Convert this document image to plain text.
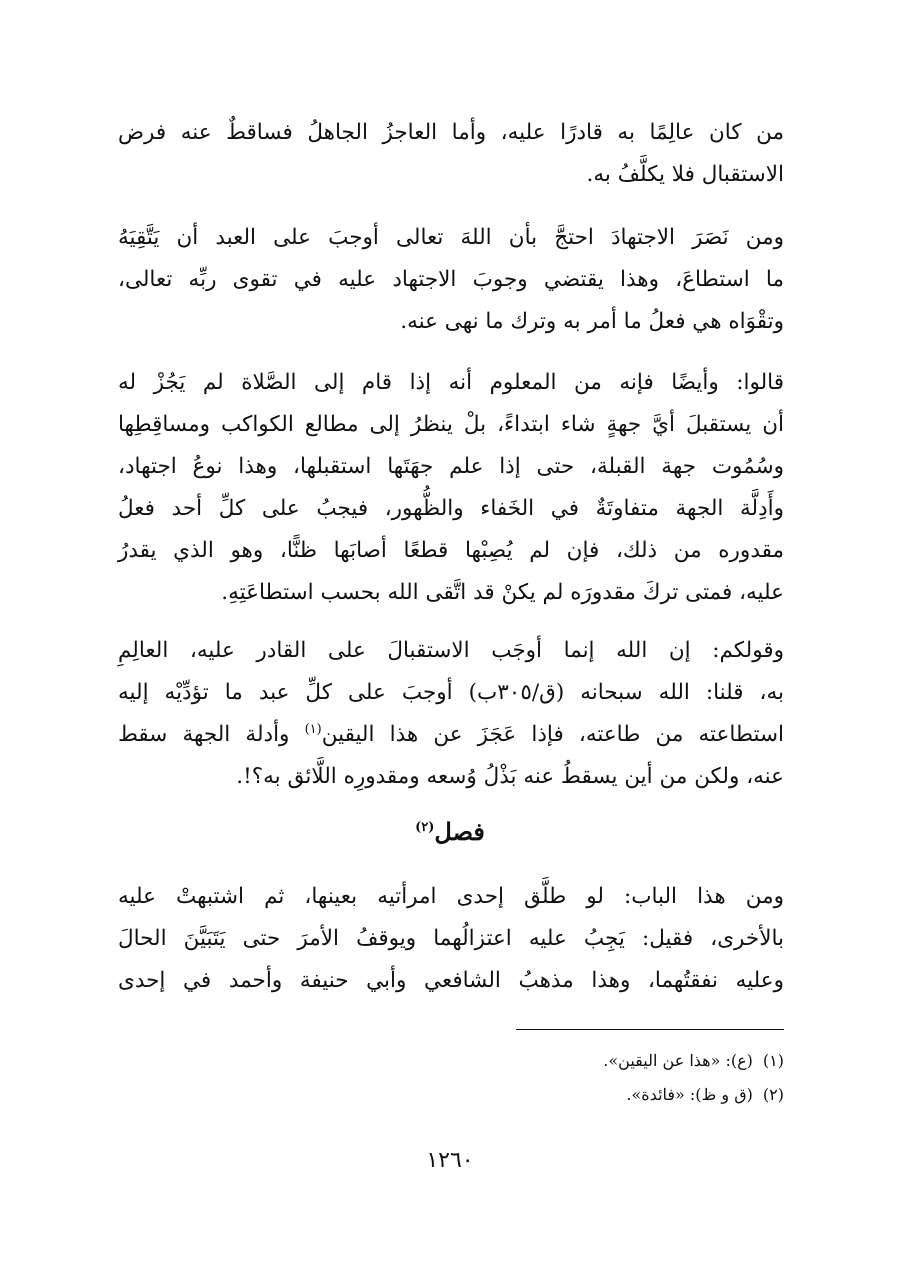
من كان عالِمًا به قادرًا عليه، وأما العاجزُ الجاهلُ فساقطٌ عنه فرض
الاستقبال فلا يكلَّفُ به.
ومن نَصَرَ الاجتهادَ احتجَّ بأن اللهَ تعالى أوجبَ على العبد أن يَتَّقِيَهُ
ما استطاعَ، وهذا يقتضي وجوبَ الاجتهاد عليه في تقوى ربِّه تعالى،
وتقْوَاه هي فعلُ ما أمر به وترك ما نهى عنه.
قالوا: وأيضًا فإنه من المعلوم أنه إذا قام إلى الصَّلاة لم يَجُزْ له
أن يستقبلَ أيَّ جهةٍ شاء ابتداءً، بلْ ينظرُ إلى مطالع الكواكب ومساقِطِها
وسُمُوت جهة القبلة، حتى إذا علم جهَتَها استقبلها، وهذا نوعُ اجتهاد،
وأَدِلَّة الجهة متفاوتَةٌ في الخَفاء والظُّهور، فيجبُ على كلِّ أحد فعلُ
مقدوره من ذلك، فإن لم يُصِبْها قطعًا أصابَها ظنًّا، وهو الذي يقدرُ
عليه، فمتى تركَ مقدورَه لم يكنْ قد اتَّقى الله بحسب استطاعَتِهِ.
وقولكم: إن الله إنما أوجَب الاستقبالَ على القادر عليه، العالِمِ
به، قلنا: الله سبحانه (ق/٣٠٥ب) أوجبَ على كلِّ عبد ما تؤدِّيْه إليه
استطاعته من طاعته، فإذا عَجَزَ عن هذا اليقين$^{(١)}$ وأدلة الجهة سقط
عنه، ولكن من أين يسقطُ عنه بَذْلُ وُسعه ومقدورِه اللَّائق به؟!.
فصل$^{(٢)}$
ومن هذا الباب: لو طلَّق إحدى امرأتيه بعينها، ثم اشتبهتْ عليه
بالأخرى، فقيل: يَجِبُ عليه اعتزالُهما ويوقفُ الأمرَ حتى يَتَبَيَّنَ الحالَ
وعليه نفقتُهما، وهذا مذهبُ الشافعي وأبي حنيفة وأحمد في إحدى
(١)(ع): «هذا عن اليقين».
(٢)(ق و ظ): «فائدة».
١٢٦٠
